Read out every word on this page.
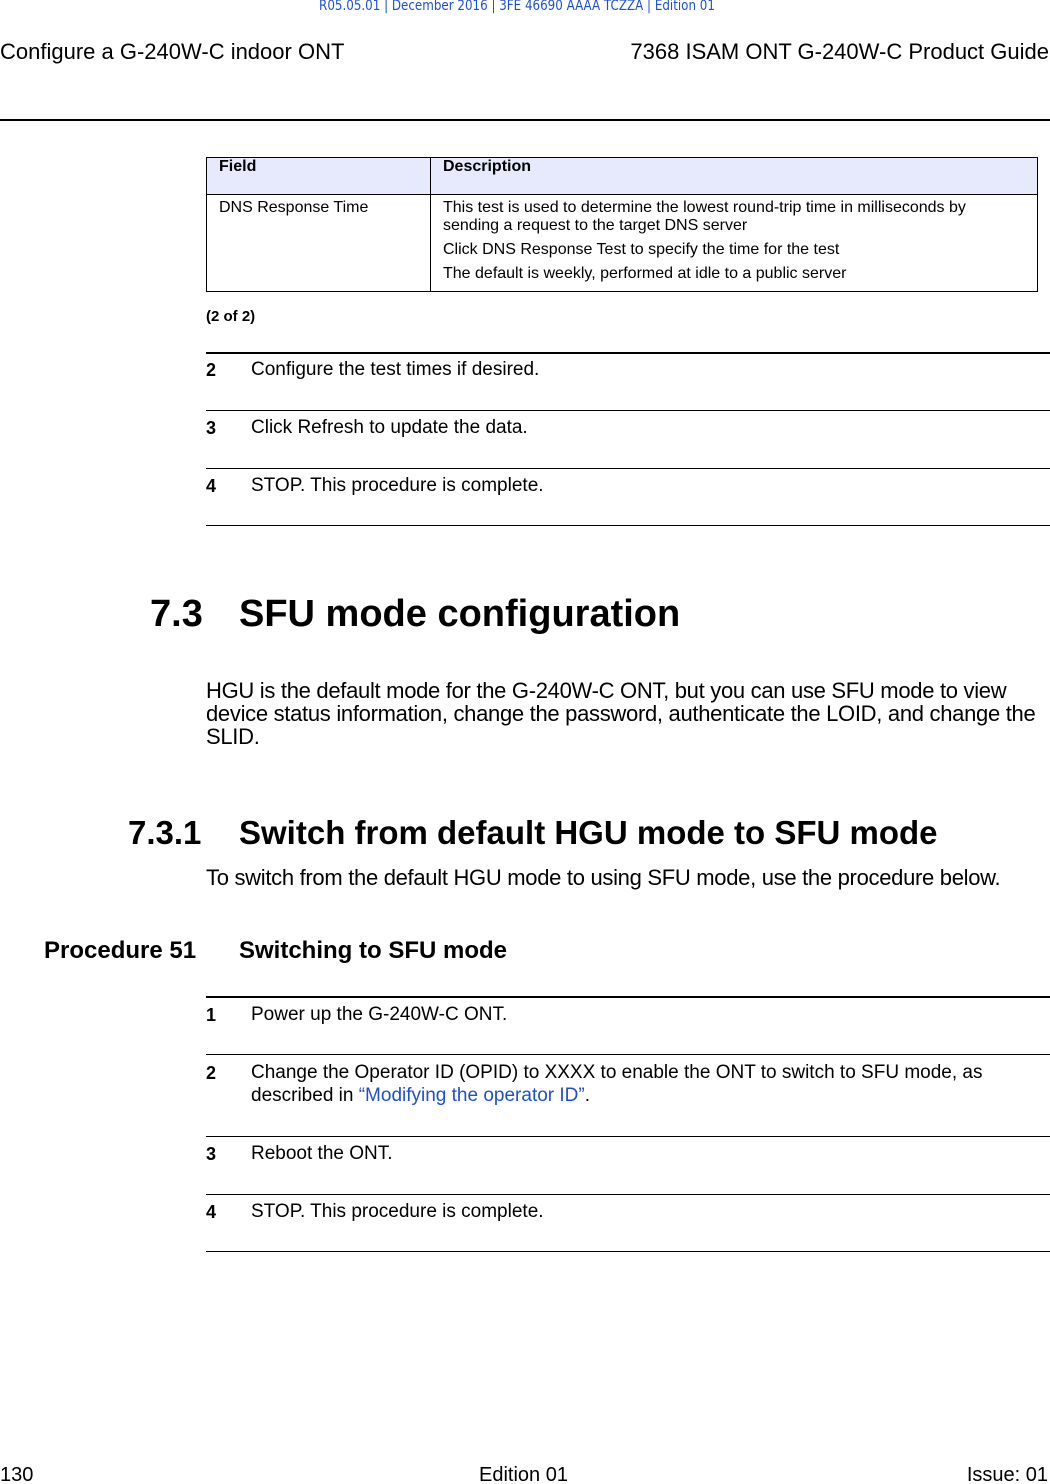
R05.05.01 | December 2016 | 3FE 46690 AAAA TCZZA | Edition 01
Configure a G-240W-C indoor ONT	7368 ISAM ONT G-240W-C Product Guide
Field	Description
DNS Response Time	This test is used to determine the lowest round-trip time in milliseconds by sending a request to the target DNS server

Click DNS Response Test to specify the time for the test

The default is weekly, performed at idle to a public server

(2 of 2)
2 Configure the test times if desired.
3 Click Refresh to update the data.
4 STOP. This procedure is complete.
7.3 SFU mode configuration
HGU is the default mode for the G-240W-C ONT, but you can use SFU mode to view device status information, change the password, authenticate the LOID, and change the SLID.
7.3.1 Switch from default HGU mode to SFU mode
To switch from the default HGU mode to using SFU mode, use the procedure below.
Procedure 51 Switching to SFU mode
1 Power up the G-240W-C ONT.
2 Change the Operator ID (OPID) to XXXX to enable the ONT to switch to SFU mode, as described in “Modifying the operator ID”.
3 Reboot the ONT.
4 STOP. This procedure is complete.
130	Edition 01	Issue: 01
